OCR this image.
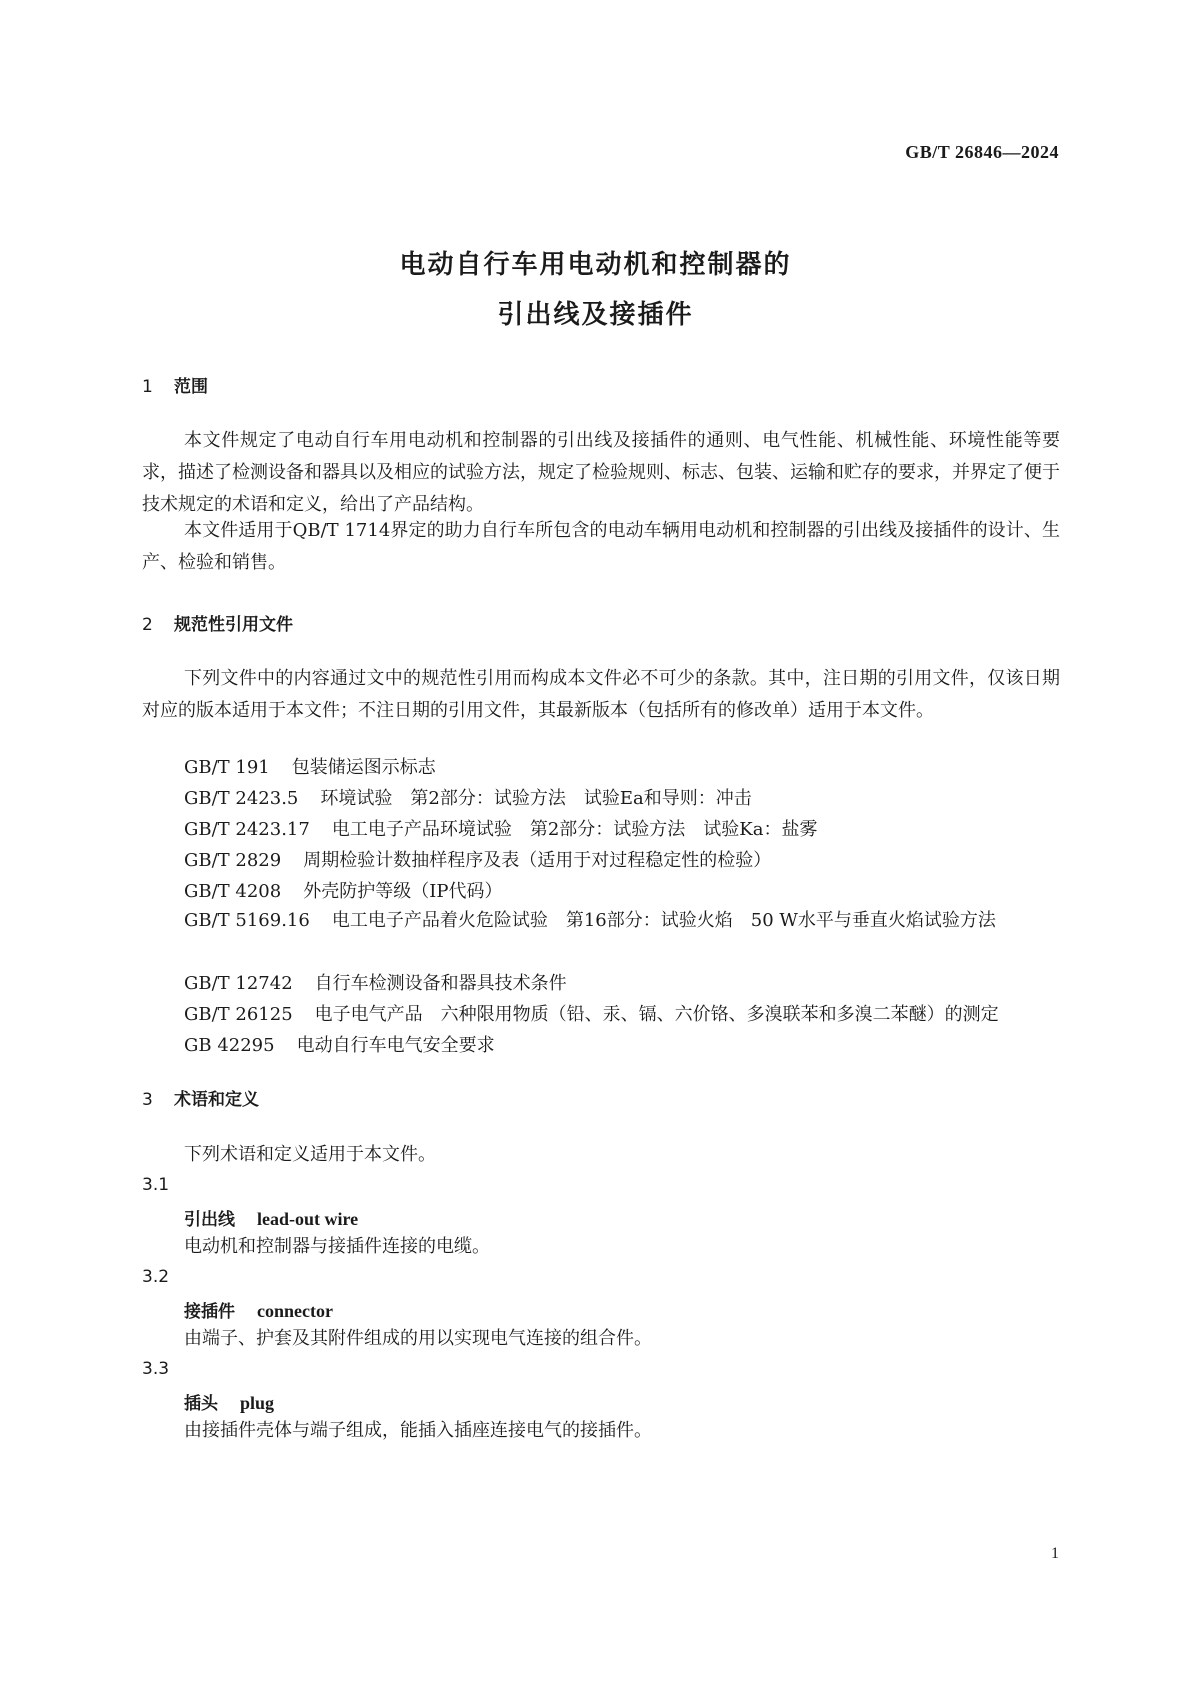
GB/T 26846—2024
电动自行车用电动机和控制器的
引出线及接插件
1 范围

本文件规定了电动自行车用电动机和控制器的引出线及接插件的通则、电气性能、机械性能、环境性能等要求，描述了检测设备和器具以及相应的试验方法，规定了检验规则、标志、包装、运输和贮存的要求，并界定了便于技术规定的术语和定义，给出了产品结构。

本文件适用于QB/T 1714界定的助力自行车所包含的电动车辆用电动机和控制器的引出线及接插件的设计、生产、检验和销售。

2 规范性引用文件

下列文件中的内容通过文中的规范性引用而构成本文件必不可少的条款。其中，注日期的引用文件，仅该日期对应的版本适用于本文件；不注日期的引用文件，其最新版本（包括所有的修改单）适用于本文件。

GB/T 191 包装储运图示标志
GB/T 2423.5 环境试验　第2部分：试验方法　试验Ea和导则：冲击
GB/T 2423.17 电工电子产品环境试验　第2部分：试验方法　试验Ka：盐雾
GB/T 2829 周期检验计数抽样程序及表（适用于对过程稳定性的检验）
GB/T 4208 外壳防护等级（IP代码）

GB/T 5169.16 电工电子产品着火危险试验　第16部分：试验火焰　50 W水平与垂直火焰试验方法

GB/T 12742 自行车检测设备和器具技术条件
GB/T 26125 电子电气产品　六种限用物质（铅、汞、镉、六价铬、多溴联苯和多溴二苯醚）的测定
GB 42295 电动自行车电气安全要求
3 术语和定义
下列术语和定义适用于本文件。
3.1
引出线 lead-out wire
电动机和控制器与接插件连接的电缆。
3.2
接插件 connector
由端子、护套及其附件组成的用以实现电气连接的组合件。
3.3
插头 plug
由接插件壳体与端子组成，能插入插座连接电气的接插件。
1
